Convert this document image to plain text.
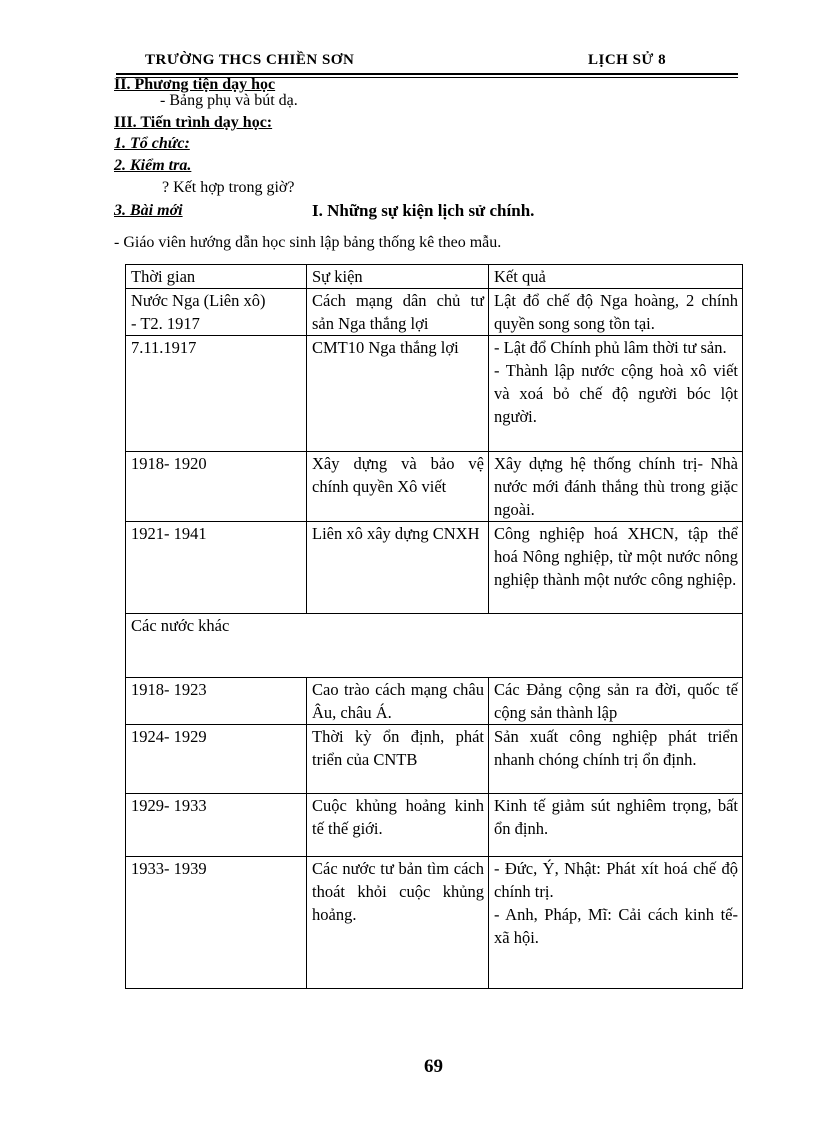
TRƯỜNG THCS CHIỀN SƠN	LỊCH SỬ 8
II. Phương tiện dạy học
- Bảng phụ và bút dạ.
III. Tiến trình dạy học:
1. Tổ chức:
2. Kiểm tra.
? Kết hợp trong giờ?
3. Bài mới	I. Những sự kiện lịch sử chính.
- Giáo viên hướng dẫn học sinh lập bảng thống kê theo mẫu.
Thời gian	Sự kiện	Kết quả
Nước Nga (Liên xô)
- T2. 1917	Cách mạng dân chủ tư sản Nga thắng lợi	Lật đổ chế độ Nga hoàng, 2 chính quyền song song tồn tại.
7.11.1917	CMT10 Nga thắng lợi	- Lật đổ Chính phủ lâm thời tư sản.
- Thành lập nước cộng hoà xô viết và xoá bỏ chế độ người bóc lột người.
1918- 1920	Xây dựng và bảo vệ chính quyền Xô viết	Xây dựng hệ thống chính trị- Nhà nước mới đánh thắng thù trong giặc ngoài.
1921- 1941	Liên xô xây dựng CNXH	Công nghiệp hoá XHCN, tập thể hoá Nông nghiệp, từ một nước nông nghiệp thành một nước công nghiệp.
Các nước khác		
1918- 1923	Cao trào cách mạng châu Âu, châu Á.	Các Đảng cộng sản ra đời, quốc tế cộng sản thành lập
1924- 1929	Thời kỳ ổn định, phát triển của CNTB	Sản xuất công nghiệp phát triển nhanh chóng chính trị ổn định.
1929- 1933	Cuộc khủng hoảng kinh tế thế giới.	Kinh tế giảm sút nghiêm trọng, bất ổn định.
1933- 1939	Các nước tư bản tìm cách thoát khỏi cuộc khủng hoảng.	- Đức, Ý, Nhật: Phát xít hoá chế độ chính trị.
- Anh, Pháp, Mĩ: Cải cách kinh tế- xã hội.
69
